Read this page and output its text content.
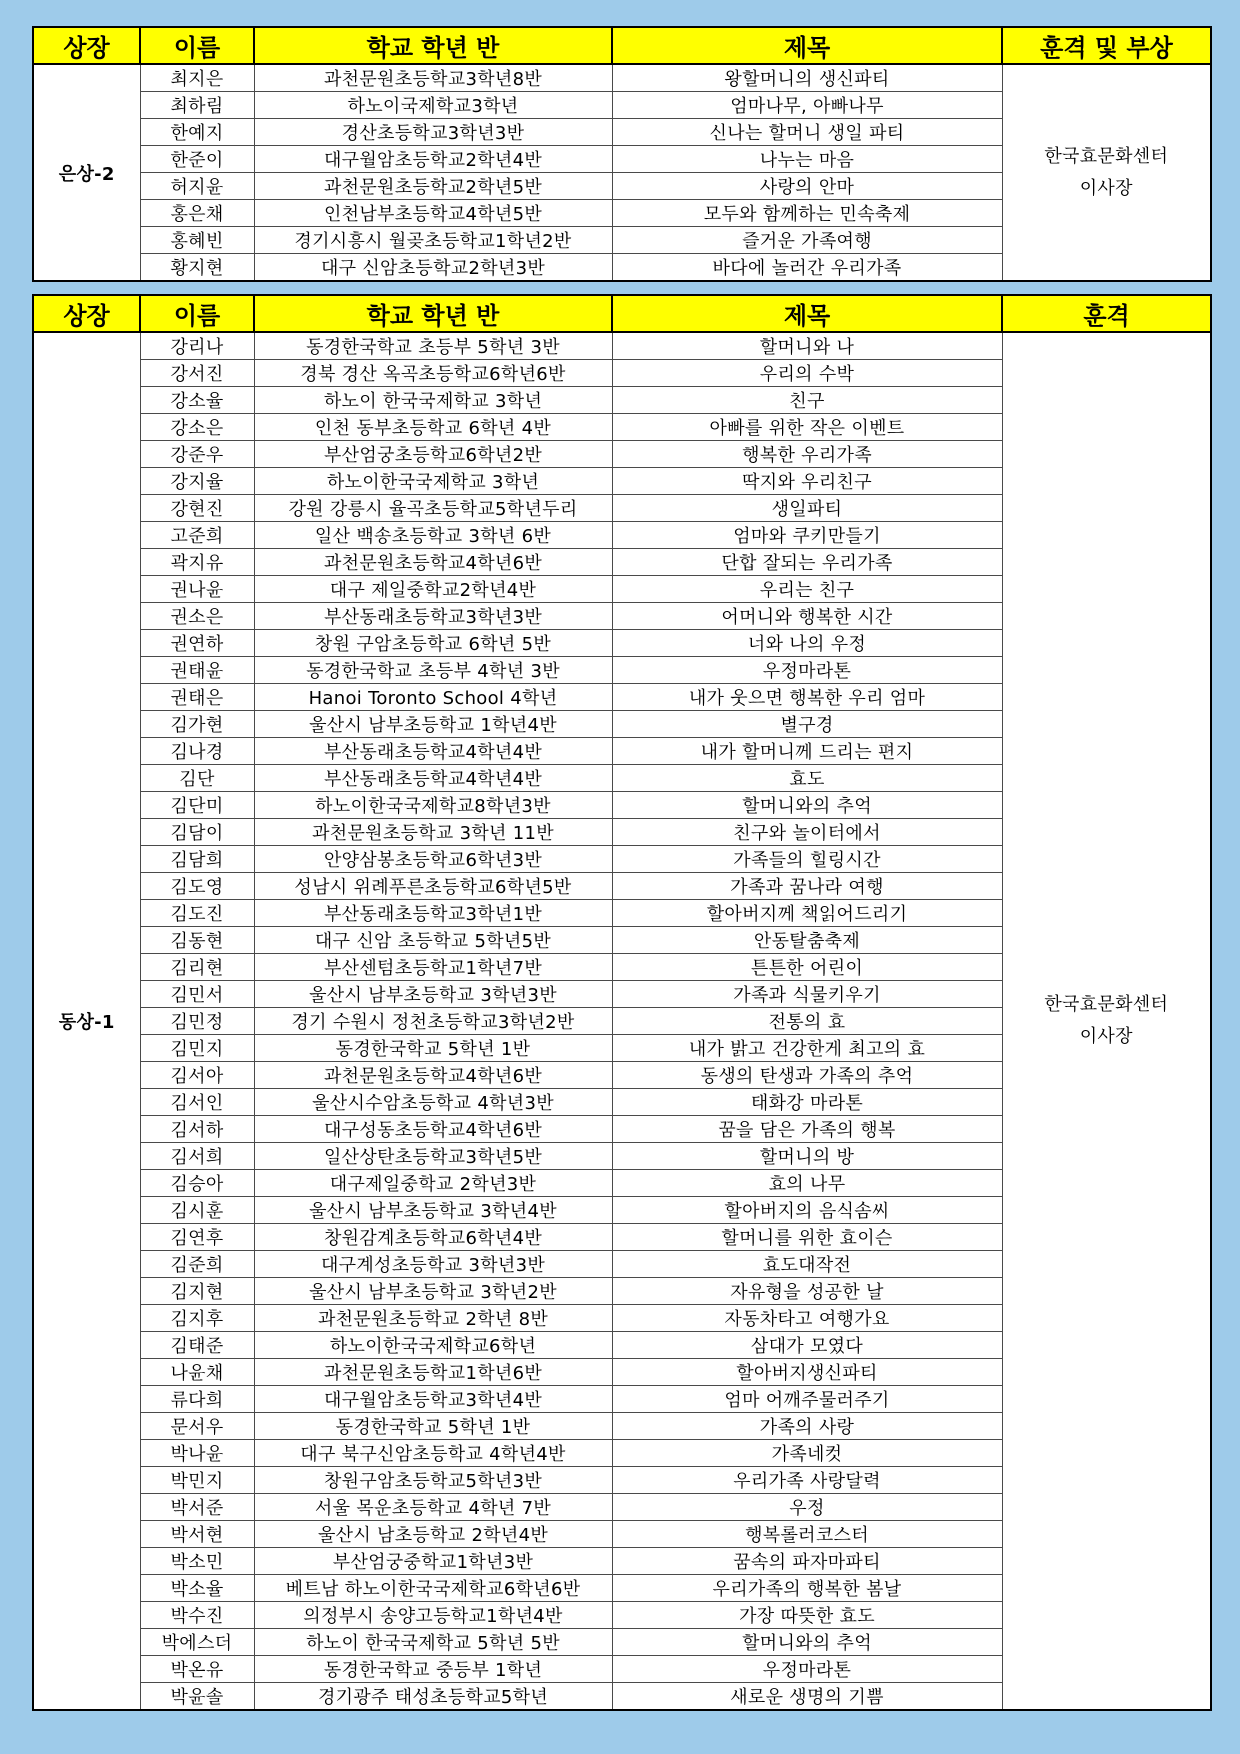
상장	이름	학교 학년 반	제목	훈격 및 부상
은상-2	최지은	과천문원초등학교3학년8반	왕할머니의 생신파티	한국효문화센터
이사장

	최하림	하노이국제학교3학년	엄마나무, 아빠나무	
	한예지	경산초등학교3학년3반	신나는 할머니 생일 파티	
	한준이	대구월암초등학교2학년4반	나누는 마음	
	허지윤	과천문원초등학교2학년5반	사랑의 안마	
	홍은채	인천남부초등학교4학년5반	모두와 함께하는 민속축제	
	홍혜빈	경기시흥시 월곶초등학교1학년2반	즐거운 가족여행	
	황지현	대구 신암초등학교2학년3반	바다에 놀러간 우리가족	
상장	이름	학교 학년 반	제목	훈격
동상-1	강리나	동경한국학교 초등부 5학년 3반	할머니와 나	한국효문화센터
이사장

	강서진	경북 경산 옥곡초등학교6학년6반	우리의 수박	
	강소율	하노이 한국국제학교 3학년	친구	
	강소은	인천 동부초등학교 6학년 4반	아빠를 위한 작은 이벤트	
	강준우	부산엄궁초등학교6학년2반	행복한 우리가족	
	강지율	하노이한국국제학교 3학년	딱지와 우리친구	
	강현진	강원 강릉시 율곡초등학교5학년두리	생일파티	
	고준희	일산 백송초등학교 3학년 6반	엄마와 쿠키만들기	
	곽지유	과천문원초등학교4학년6반	단합 잘되는 우리가족	
	권나윤	대구 제일중학교2학년4반	우리는 친구	
	권소은	부산동래초등학교3학년3반	어머니와 행복한 시간	
	권연하	창원 구암초등학교 6학년 5반	너와 나의 우정	
	권태윤	동경한국학교 초등부 4학년 3반	우정마라톤	
	권태은	Hanoi Toronto School 4학년	내가 웃으면 행복한 우리 엄마	
	김가현	울산시 남부초등학교 1학년4반	별구경	
	김나경	부산동래초등학교4학년4반	내가 할머니께 드리는 편지	
	김단	부산동래초등학교4학년4반	효도	
	김단미	하노이한국국제학교8학년3반	할머니와의 추억	
	김담이	과천문원초등학교 3학년 11반	친구와 놀이터에서	
	김담희	안양삼봉초등학교6학년3반	가족들의 힐링시간	
	김도영	성남시 위례푸른초등학교6학년5반	가족과 꿈나라 여행	
	김도진	부산동래초등학교3학년1반	할아버지께 책읽어드리기	
	김동현	대구 신암 초등학교 5학년5반	안동탈춤축제	
	김리현	부산센텀초등학교1학년7반	튼튼한 어린이	
	김민서	울산시 남부초등학교 3학년3반	가족과 식물키우기	
	김민정	경기 수원시 정천초등학교3학년2반	전통의 효	
	김민지	동경한국학교 5학년 1반	내가 밝고 건강한게 최고의 효	
	김서아	과천문원초등학교4학년6반	동생의 탄생과 가족의 추억	
	김서인	울산시수암초등학교 4학년3반	태화강 마라톤	
	김서하	대구성동초등학교4학년6반	꿈을 담은 가족의 행복	
	김서희	일산상탄초등학교3학년5반	할머니의 방	
	김승아	대구제일중학교 2학년3반	효의 나무	
	김시훈	울산시 남부초등학교 3학년4반	할아버지의 음식솜씨	
	김연후	창원감계초등학교6학년4반	할머니를 위한 효이슨	
	김준희	대구계성초등학교 3학년3반	효도대작전	
	김지현	울산시 남부초등학교 3학년2반	자유형을 성공한 날	
	김지후	과천문원초등학교 2학년 8반	자동차타고 여행가요	
	김태준	하노이한국국제학교6학년	삼대가 모였다	
	나윤채	과천문원초등학교1학년6반	할아버지생신파티	
	류다희	대구월암초등학교3학년4반	엄마 어깨주물러주기	
	문서우	동경한국학교 5학년 1반	가족의 사랑	
	박나윤	대구 북구신암초등학교 4학년4반	가족네컷	
	박민지	창원구암초등학교5학년3반	우리가족 사랑달력	
	박서준	서울 목운초등학교 4학년 7반	우정	
	박서현	울산시 남초등학교 2학년4반	행복롤러코스터	
	박소민	부산엄궁중학교1학년3반	꿈속의 파자마파티	
	박소율	베트남 하노이한국국제학교6학년6반	우리가족의 행복한 봄날	
	박수진	의정부시 송양고등학교1학년4반	가장 따뜻한 효도	
	박에스더	하노이 한국국제학교 5학년 5반	할머니와의 추억	
	박온유	동경한국학교 중등부 1학년	우정마라톤	
	박윤솔	경기광주 태성초등학교5학년	새로운 생명의 기쁨	
